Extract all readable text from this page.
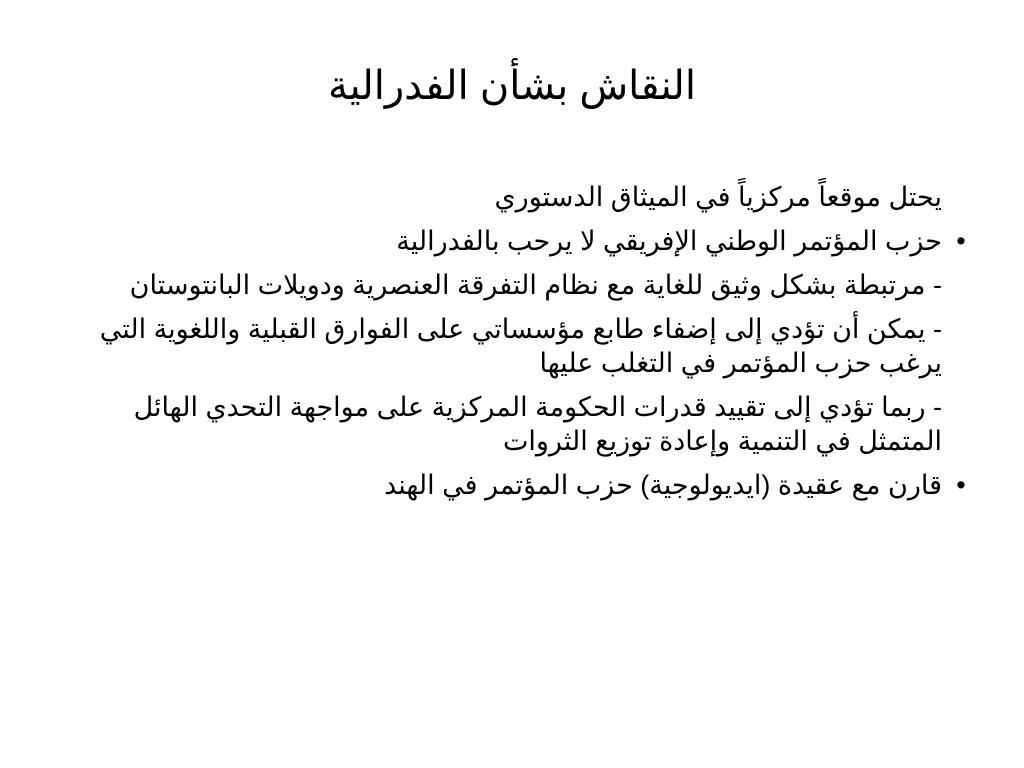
النقاش بشأن الفدرالية

يحتل موقعاً مركزياً في الميثاق الدستوري

•
حزب المؤتمر الوطني الإفريقي لا يرحب بالفدرالية
- مرتبطة بشكل وثيق للغاية مع نظام التفرقة العنصرية ودويلات البانتوستان
- يمكن أن تؤدي إلى إضفاء طابع مؤسساتي على الفوارق القبلية واللغوية التي يرغب حزب المؤتمر في التغلب عليها
- ربما تؤدي إلى تقييد قدرات الحكومة المركزية على مواجهة التحدي الهائل المتمثل في التنمية وإعادة توزيع الثروات
•
قارن مع عقيدة (ايديولوجية) حزب المؤتمر في الهند
